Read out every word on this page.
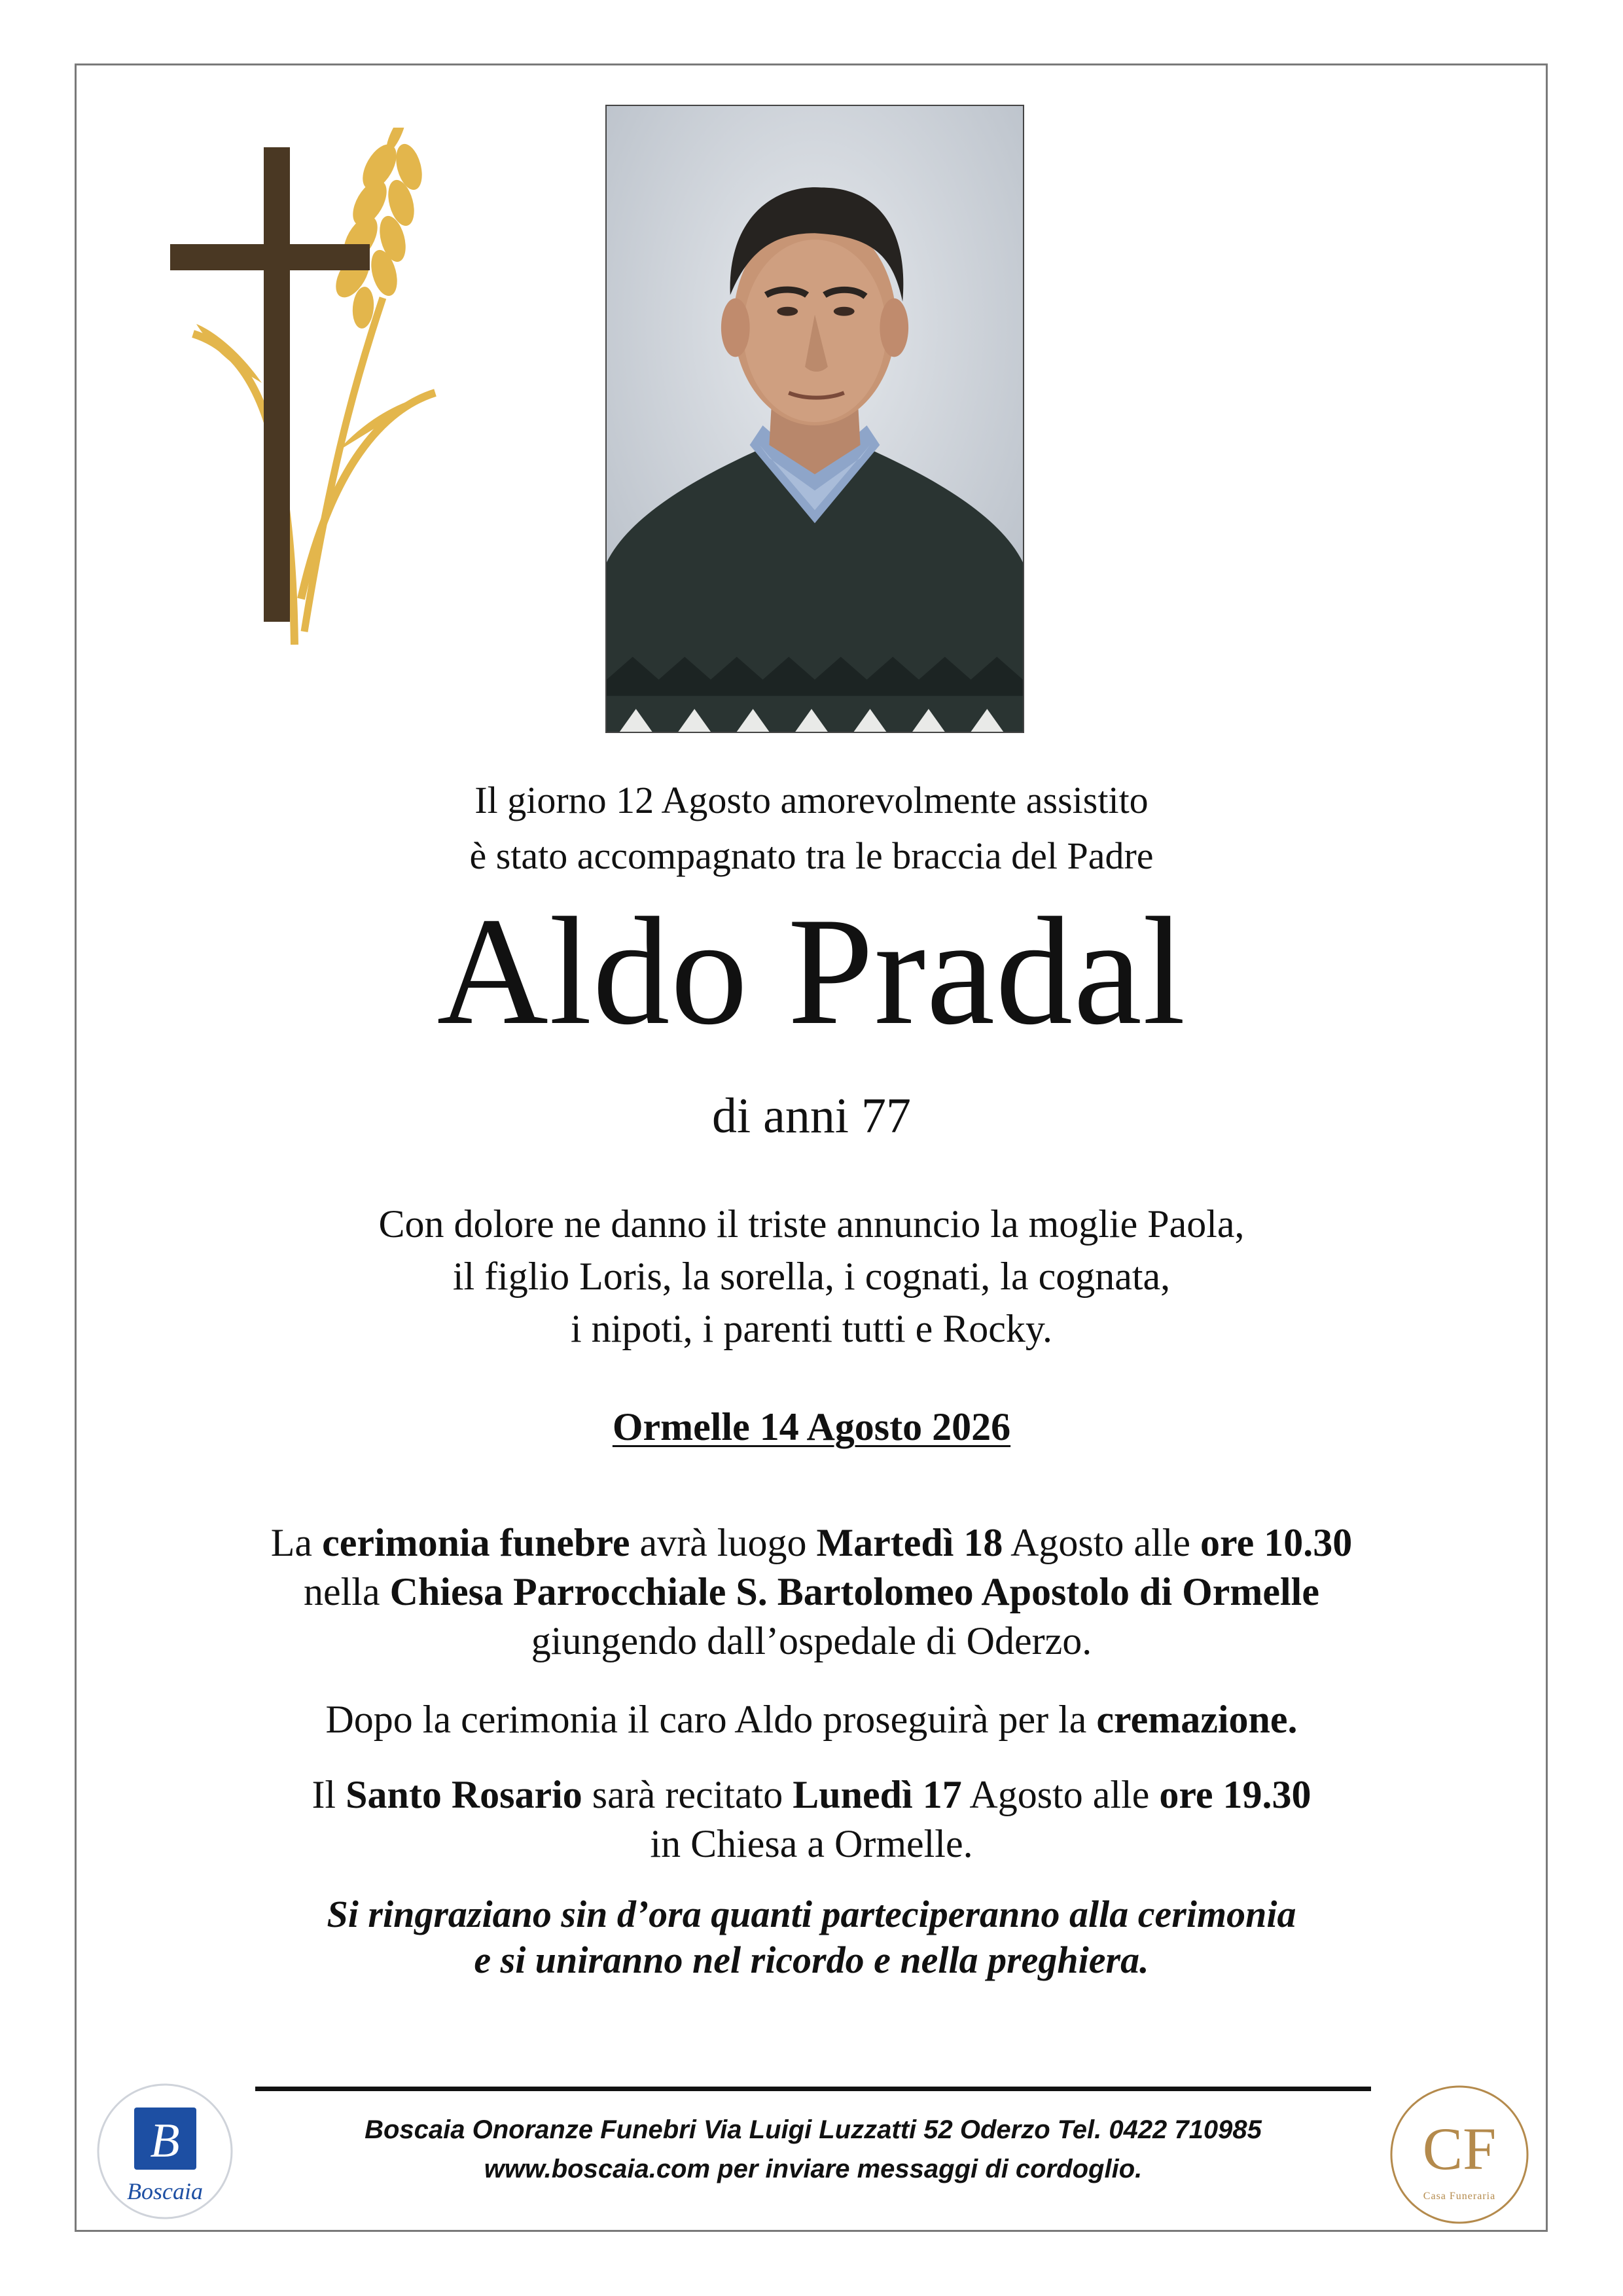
Il giorno 12 Agosto amorevolmente assistito
è stato accompagnato tra le braccia del Padre
Aldo Pradal
di anni 77
Con dolore ne danno il triste annuncio la moglie Paola,
il figlio Loris, la sorella, i cognati, la cognata,
i nipoti, i parenti tutti e Rocky.
Ormelle 14 Agosto 2026
La cerimonia funebre avrà luogo Martedì 18 Agosto alle ore 10.30
nella Chiesa Parrocchiale S. Bartolomeo Apostolo di Ormelle
giungendo dall’ospedale di Oderzo.
Dopo la cerimonia il caro Aldo proseguirà per la cremazione.
Il Santo Rosario sarà recitato Lunedì 17 Agosto alle ore 19.30
in Chiesa a Ormelle.
Si ringraziano sin d’ora quanti parteciperanno alla cerimonia
e si uniranno nel ricordo e nella preghiera.
Boscaia Onoranze Funebri Via Luigi Luzzatti 52 Oderzo Tel. 0422 710985
www.boscaia.com per inviare messaggi di cordoglio.
B
Boscaia
CF
Casa Funeraria
